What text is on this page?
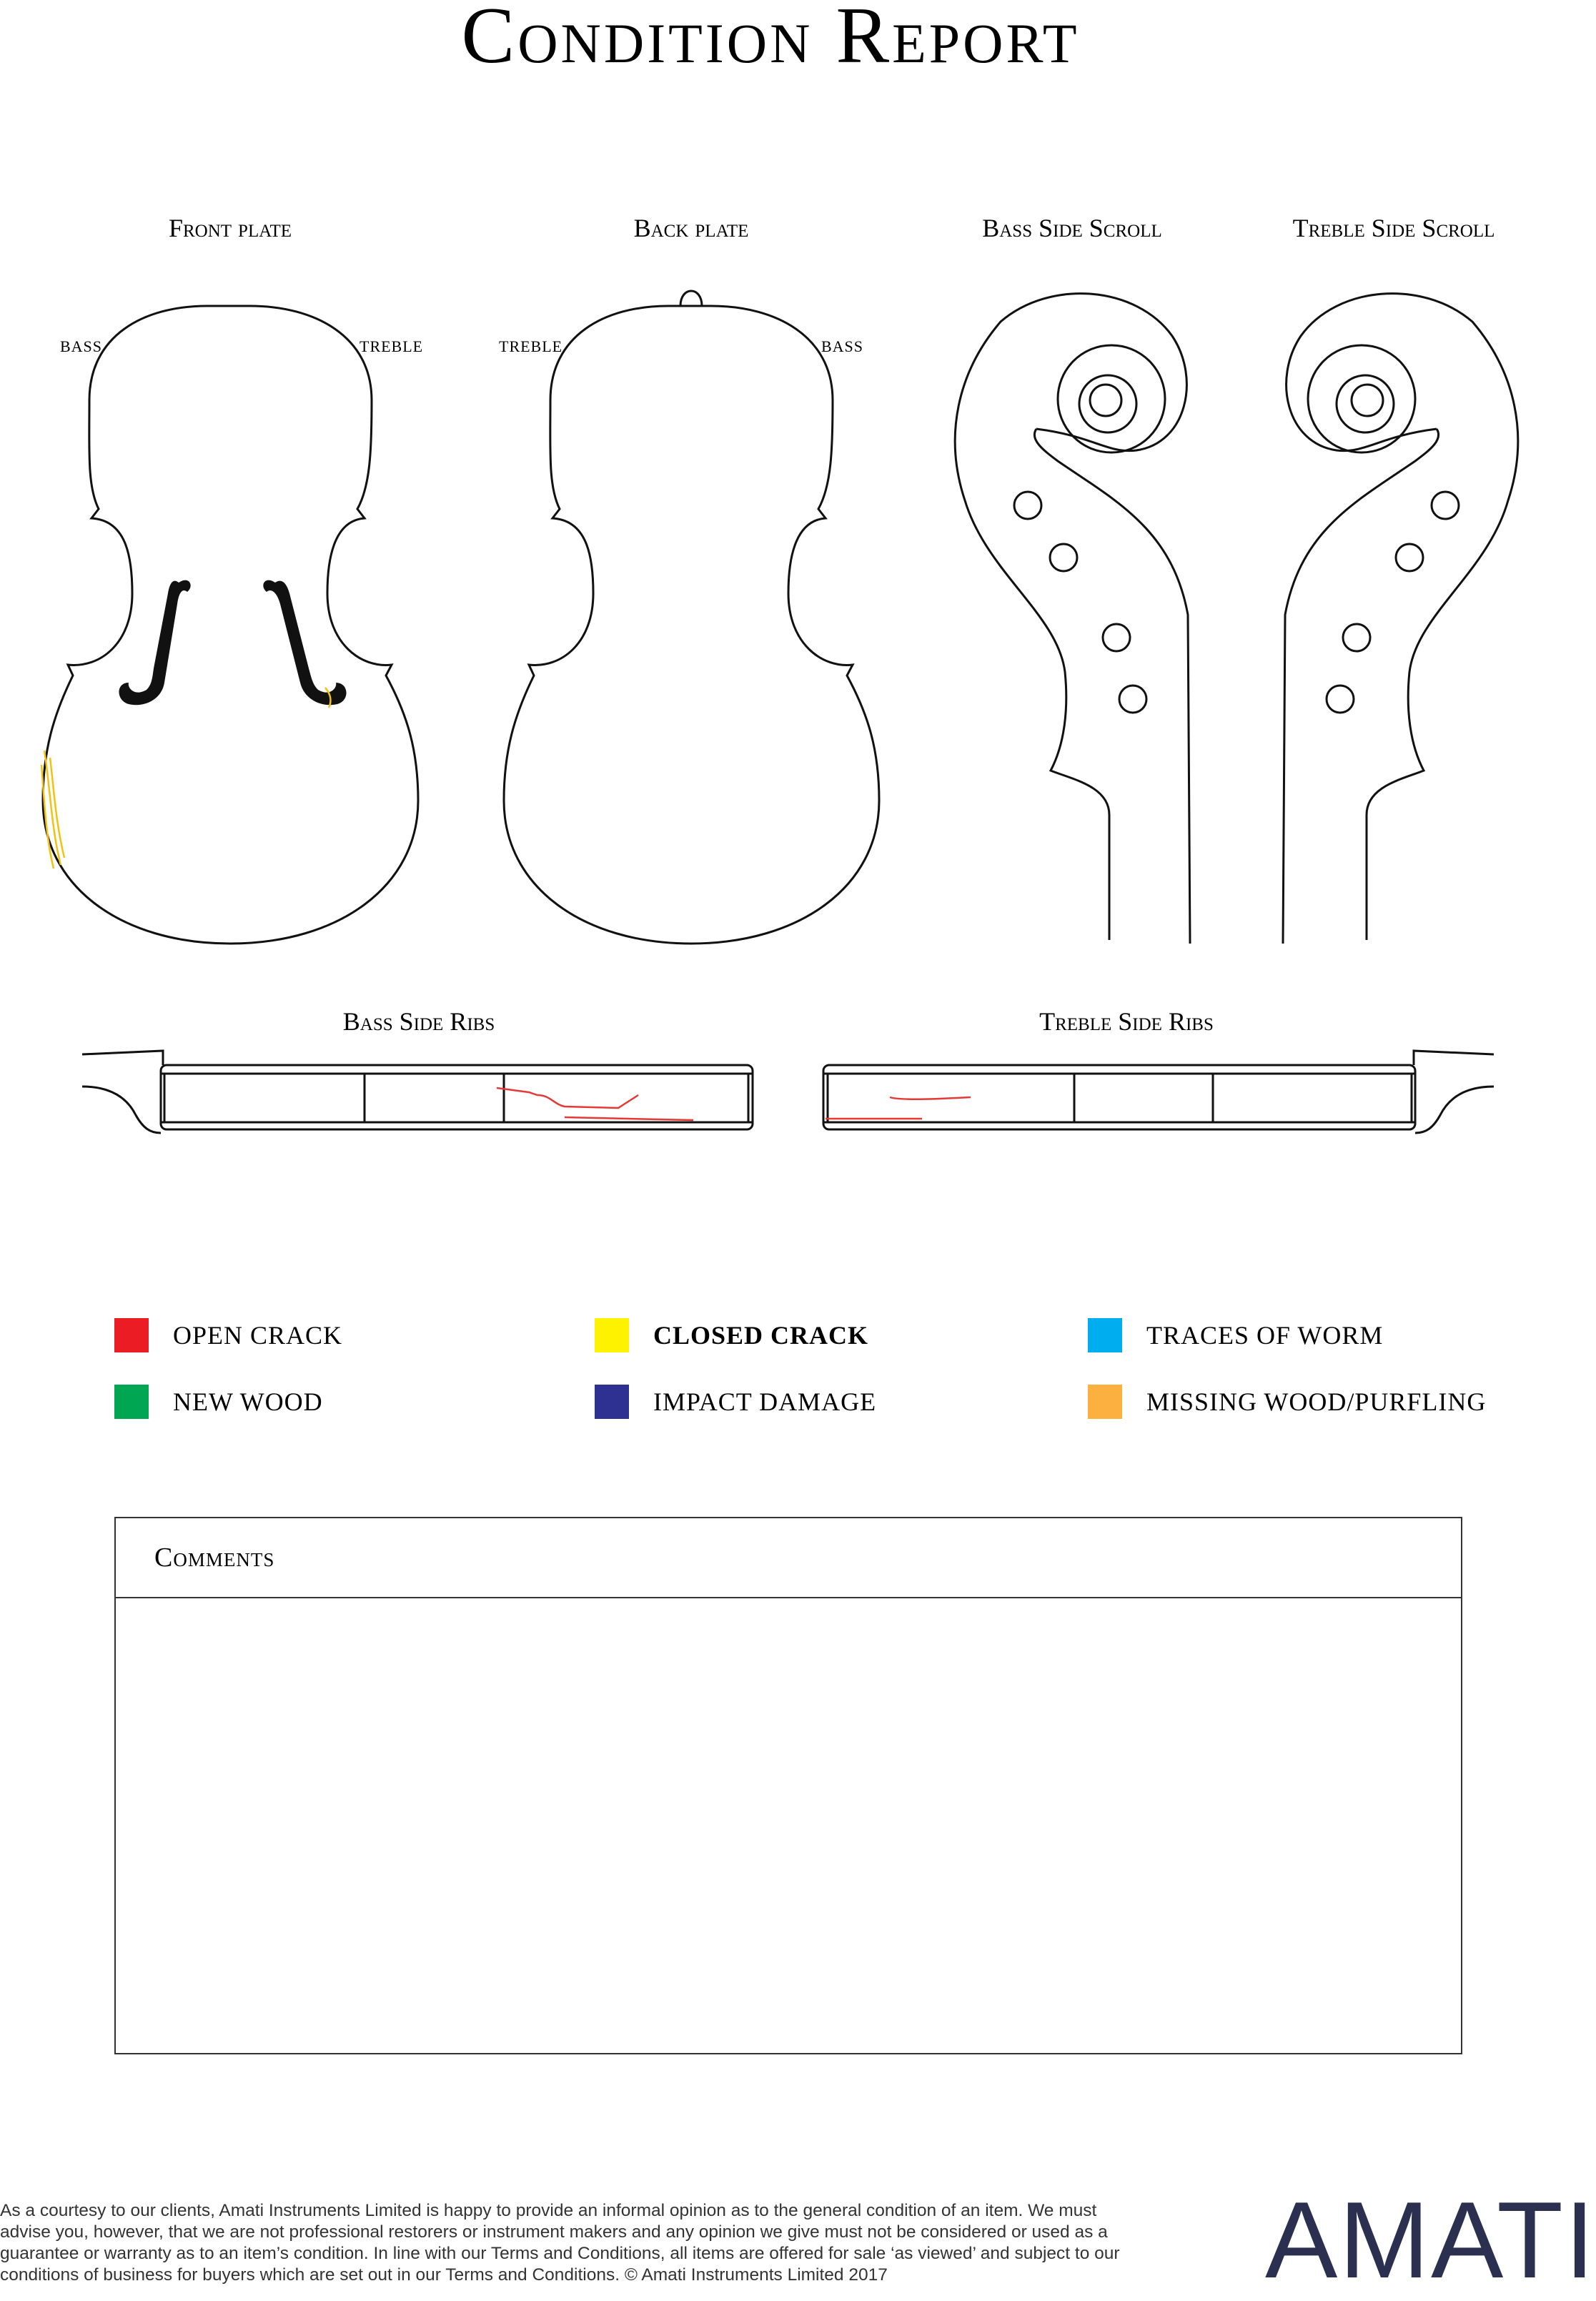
Condition Report
Front plate	Back plate	Bass Side Scroll	Treble Side Scroll
Bass Side Ribs	Treble Side Ribs
BASS	TREBLE	TREBLE	BASS
OPEN CRACK	CLOSED CRACK	TRACES OF WORM
NEW WOOD	IMPACT DAMAGE	MISSING WOOD/PURFLING
Comments
As a courtesy to our clients, Amati Instruments Limited is happy to provide an informal opinion as to the general condition of an item. We must advise you, however, that we are not professional restorers or instrument makers and any opinion we give must not be considered or used as a guarantee or warranty as to an item’s condition. In line with our Terms and Conditions, all items are offered for sale ‘as viewed’ and subject to our conditions of business for buyers which are set out in our Terms and Conditions. © Amati Instruments Limited 2017	AMATI
